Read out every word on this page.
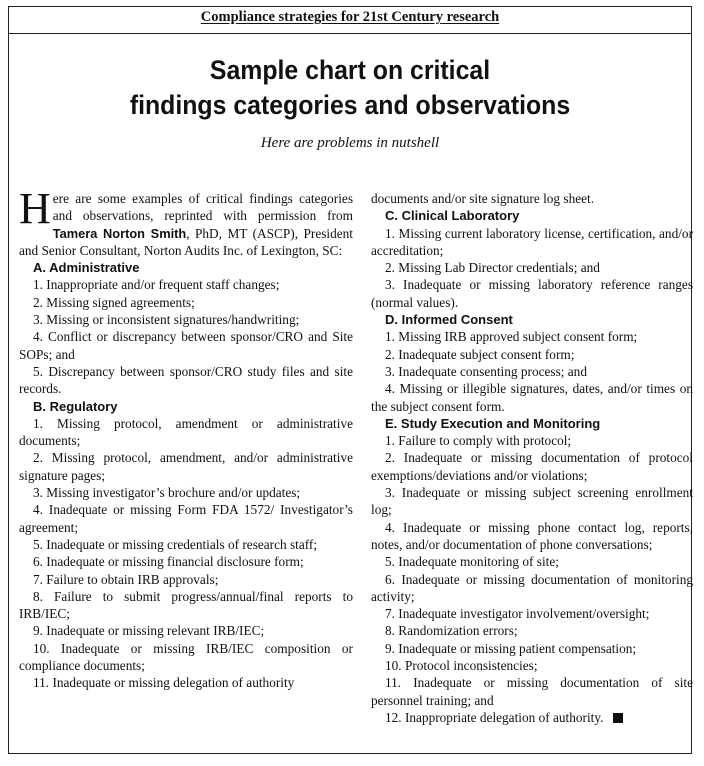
Compliance strategies for 21st Century research
Sample chart on critical
findings categories and observations
Here are problems in nutshell

Here are some examples of critical findings categories and observations, reprinted with permission from Tamera Norton Smith, PhD, MT (ASCP), President and Senior Consultant, Norton Audits Inc. of Lexington, SC:

A. Administrative

1. Inappropriate and/or frequent staff changes;

2. Missing signed agreements;

3. Missing or inconsistent signatures/handwriting;

4. Conflict or discrepancy between sponsor/CRO and Site SOPs; and

5. Discrepancy between sponsor/CRO study files and site records.

B. Regulatory

1. Missing protocol, amendment or administrative documents;

2. Missing protocol, amendment, and/or administrative signature pages;

3. Missing investigator’s brochure and/or updates;

4. Inadequate or missing Form FDA 1572/ Investigator’s agreement;

5. Inadequate or missing credentials of research staff;

6. Inadequate or missing financial disclosure form;

7. Failure to obtain IRB approvals;

8. Failure to submit progress/annual/final reports to IRB/IEC;

9. Inadequate or missing relevant IRB/IEC;

10. Inadequate or missing IRB/IEC composition or compliance documents;

11. Inadequate or missing delegation of authority

documents and/or site signature log sheet.

C. Clinical Laboratory

1. Missing current laboratory license, certification, and/or accreditation;

2. Missing Lab Director credentials; and

3. Inadequate or missing laboratory reference ranges (normal values).

D. Informed Consent

1. Missing IRB approved subject consent form;

2. Inadequate subject consent form;

3. Inadequate consenting process; and

4. Missing or illegible signatures, dates, and/or times on the subject consent form.

E. Study Execution and Monitoring

1. Failure to comply with protocol;

2. Inadequate or missing documentation of protocol exemptions/deviations and/or violations;

3. Inadequate or missing subject screening enrollment log;

4. Inadequate or missing phone contact log, reports, notes, and/or documentation of phone conversations;

5. Inadequate monitoring of site;

6. Inadequate or missing documentation of monitoring activity;

7. Inadequate investigator involvement/oversight;

8. Randomization errors;

9. Inadequate or missing patient compensation;

10. Protocol inconsistencies;

11. Inadequate or missing documentation of site personnel training; and

12. Inappropriate delegation of authority.
